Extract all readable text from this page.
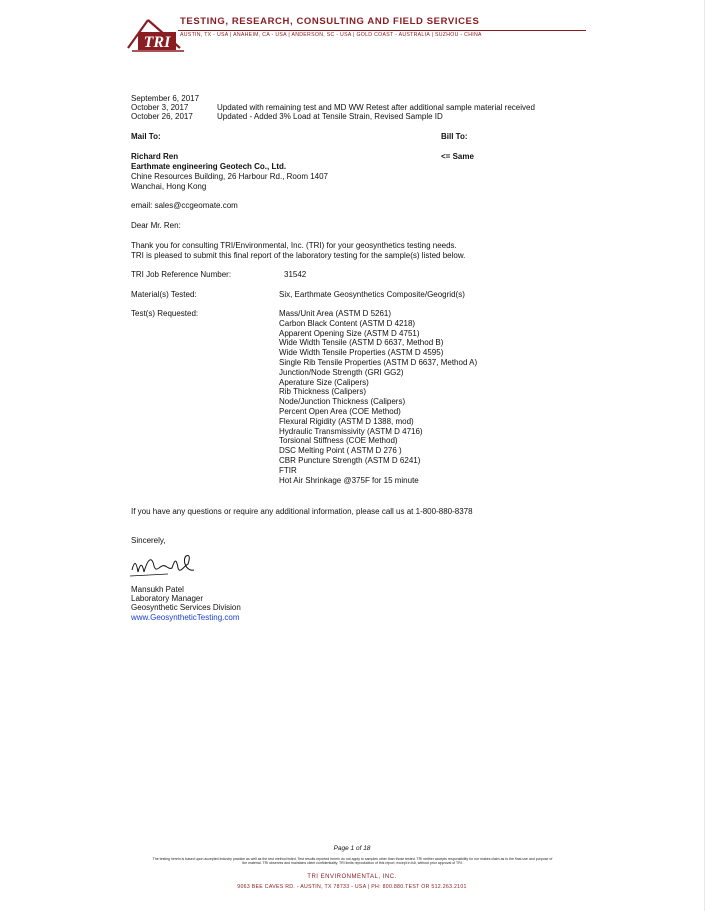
TRI
TESTING, RESEARCH, CONSULTING AND FIELD SERVICES
AUSTIN, TX - USA | ANAHEIM, CA - USA | ANDERSON, SC - USA | GOLD COAST - AUSTRALIA | SUZHOU - CHINA
September 6, 2017
October 3, 2017	Updated with remaining test and MD WW Retest after additional sample material received
October 26, 2017	Updated - Added 3% Load at Tensile Strain, Revised Sample ID
Mail To:	Bill To:
Richard Ren	<= Same
Earthmate engineering Geotech Co., Ltd.
Chine Resources Building, 26 Harbour Rd., Room 1407
Wanchai, Hong Kong
email: sales@ccgeomate.com
Dear Mr. Ren:
Thank you for consulting TRI/Environmental, Inc. (TRI) for your geosynthetics testing needs.
TRI is pleased to submit this final report of the laboratory testing for the sample(s) listed below.
TRI Job Reference Number:	31542
Material(s) Tested:	Six, Earthmate Geosynthetics Composite/Geogrid(s)
Test(s) Requested:	Mass/Unit Area (ASTM D 5261)
Carbon Black Content (ASTM D 4218)
Apparent Opening Size (ASTM D 4751)
Wide Width Tensile (ASTM D 6637, Method B)
Wide Width Tensile Properties (ASTM D 4595)
Single Rib Tensile Properties (ASTM D 6637, Method A)
Junction/Node Strength (GRI GG2)
Aperature Size (Calipers)
Rib Thickness (Calipers)
Node/Junction Thickness (Calipers)
Percent Open Area (COE Method)
Flexural Rigidity (ASTM D 1388, mod)
Hydraulic Transmissivity (ASTM D 4716)
Torsional Stiffness (COE Method)
DSC Melting Point ( ASTM D 276 )
CBR Puncture Strength (ASTM D 6241)
FTIR
Hot Air Shrinkage @375F for 15 minute
If you have any questions or require any additional information, please call us at 1-800-880-8378
Sincerely,
Mansukh Patel
Laboratory Manager
Geosynthetic Services Division
www.GeosyntheticTesting.com
Page 1 of 18
The testing herein is based upon accepted industry practice as well as the test method listed. Test results reported herein do not apply to samples other than those tested. TRI neither accepts responsibility for nor makes claim as to the final use and purpose of the material. TRI observes and maintains client confidentiality. TRI limits reproduction of this report, except in full, without prior approval of TRI.
TRI ENVIRONMENTAL, INC.
9063 BEE CAVES RD. - AUSTIN, TX 78733 - USA | PH: 800.880.TEST OR 512.263.2101
